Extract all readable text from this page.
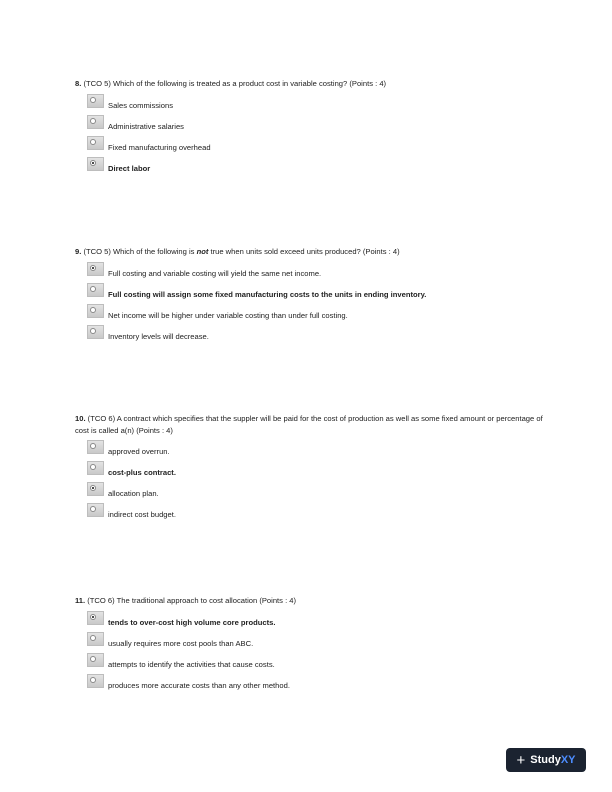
8. (TCO 5) Which of the following is treated as a product cost in variable costing? (Points : 4)

Sales commissions
Administrative salaries
Fixed manufacturing overhead
Direct labor

9. (TCO 5) Which of the following is not true when units sold exceed units produced? (Points : 4)

Full costing and variable costing will yield the same net income.
Full costing will assign some fixed manufacturing costs to the units in ending inventory.
Net income will be higher under variable costing than under full costing.
Inventory levels will decrease.

10. (TCO 6) A contract which specifies that the suppler will be paid for the cost of production as well as some fixed amount or percentage of cost is called a(n) (Points : 4)

approved overrun.
cost-plus contract.
allocation plan.
indirect cost budget.

11. (TCO 6) The traditional approach to cost allocation (Points : 4)

tends to over-cost high volume core products.
usually requires more cost pools than ABC.
attempts to identify the activities that cause costs.
produces more accurate costs than any other method.
+ StudyXY
